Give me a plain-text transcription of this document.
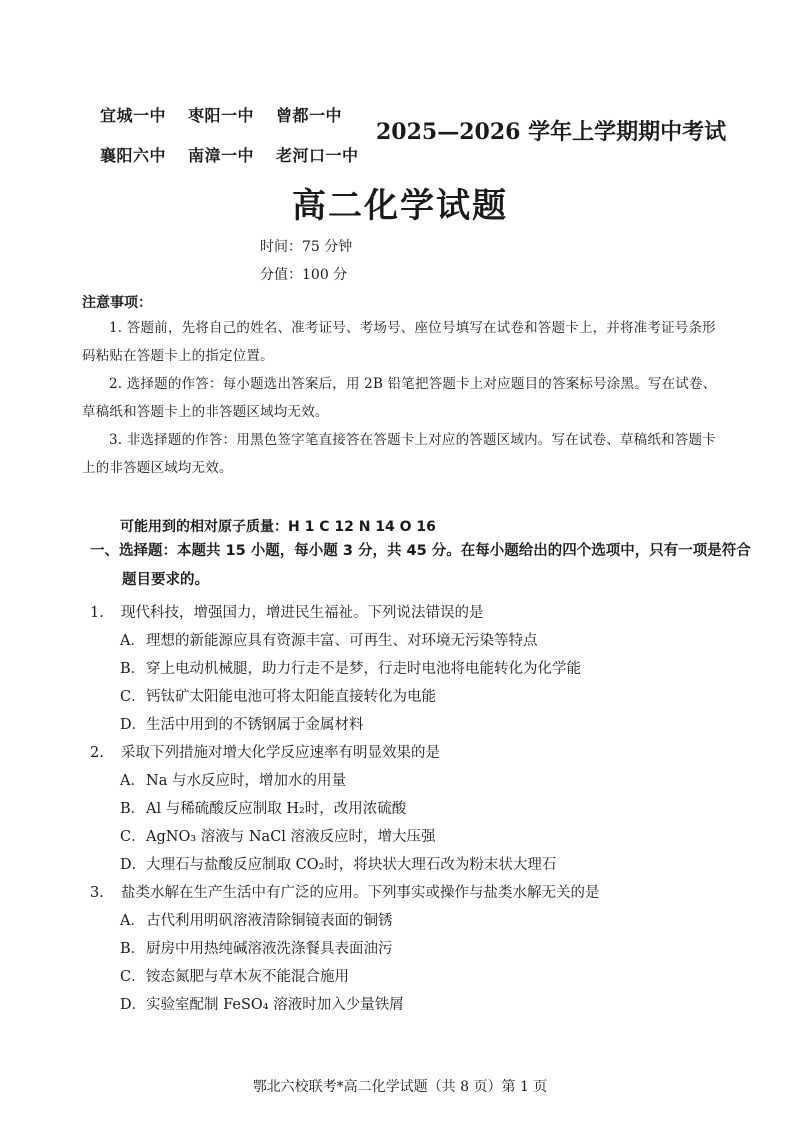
宜城一中 枣阳一中 曾都一中
襄阳六中 南漳一中 老河口一中
2025—2026 学年上学期期中考试
高二化学试题
时间：75 分钟
分值：100 分
注意事项：
1. 答题前，先将自己的姓名、准考证号、考场号、座位号填写在试卷和答题卡上，并将准考证号条形码粘贴在答题卡上的指定位置。
2. 选择题的作答：每小题选出答案后，用 2B 铅笔把答题卡上对应题目的答案标号涂黑。写在试卷、草稿纸和答题卡上的非答题区域均无效。
3. 非选择题的作答：用黑色签字笔直接答在答题卡上对应的答题区域内。写在试卷、草稿纸和答题卡上的非答题区域均无效。
可能用到的相对原子质量：H 1 C 12 N 14 O 16
一、选择题：本题共 15 小题，每小题 3 分，共 45 分。在每小题给出的四个选项中，只有一项是符合题目要求的。
1. 现代科技，增强国力，增进民生福祉。下列说法错误的是
A．理想的新能源应具有资源丰富、可再生、对环境无污染等特点
B．穿上电动机械腿，助力行走不是梦，行走时电池将电能转化为化学能
C．钙钛矿太阳能电池可将太阳能直接转化为电能
D．生活中用到的不锈钢属于金属材料
2. 采取下列措施对增大化学反应速率有明显效果的是
A．Na 与水反应时，增加水的用量
B．Al 与稀硫酸反应制取 H₂时，改用浓硫酸
C．AgNO₃ 溶液与 NaCl 溶液反应时，增大压强
D．大理石与盐酸反应制取 CO₂时，将块状大理石改为粉末状大理石
3. 盐类水解在生产生活中有广泛的应用。下列事实或操作与盐类水解无关的是
A．古代利用明矾溶液清除铜镜表面的铜锈
B．厨房中用热纯碱溶液洗涤餐具表面油污
C．铵态氮肥与草木灰不能混合施用
D．实验室配制 FeSO₄ 溶液时加入少量铁屑
鄂北六校联考*高二化学试题（共 8 页）第 1 页
